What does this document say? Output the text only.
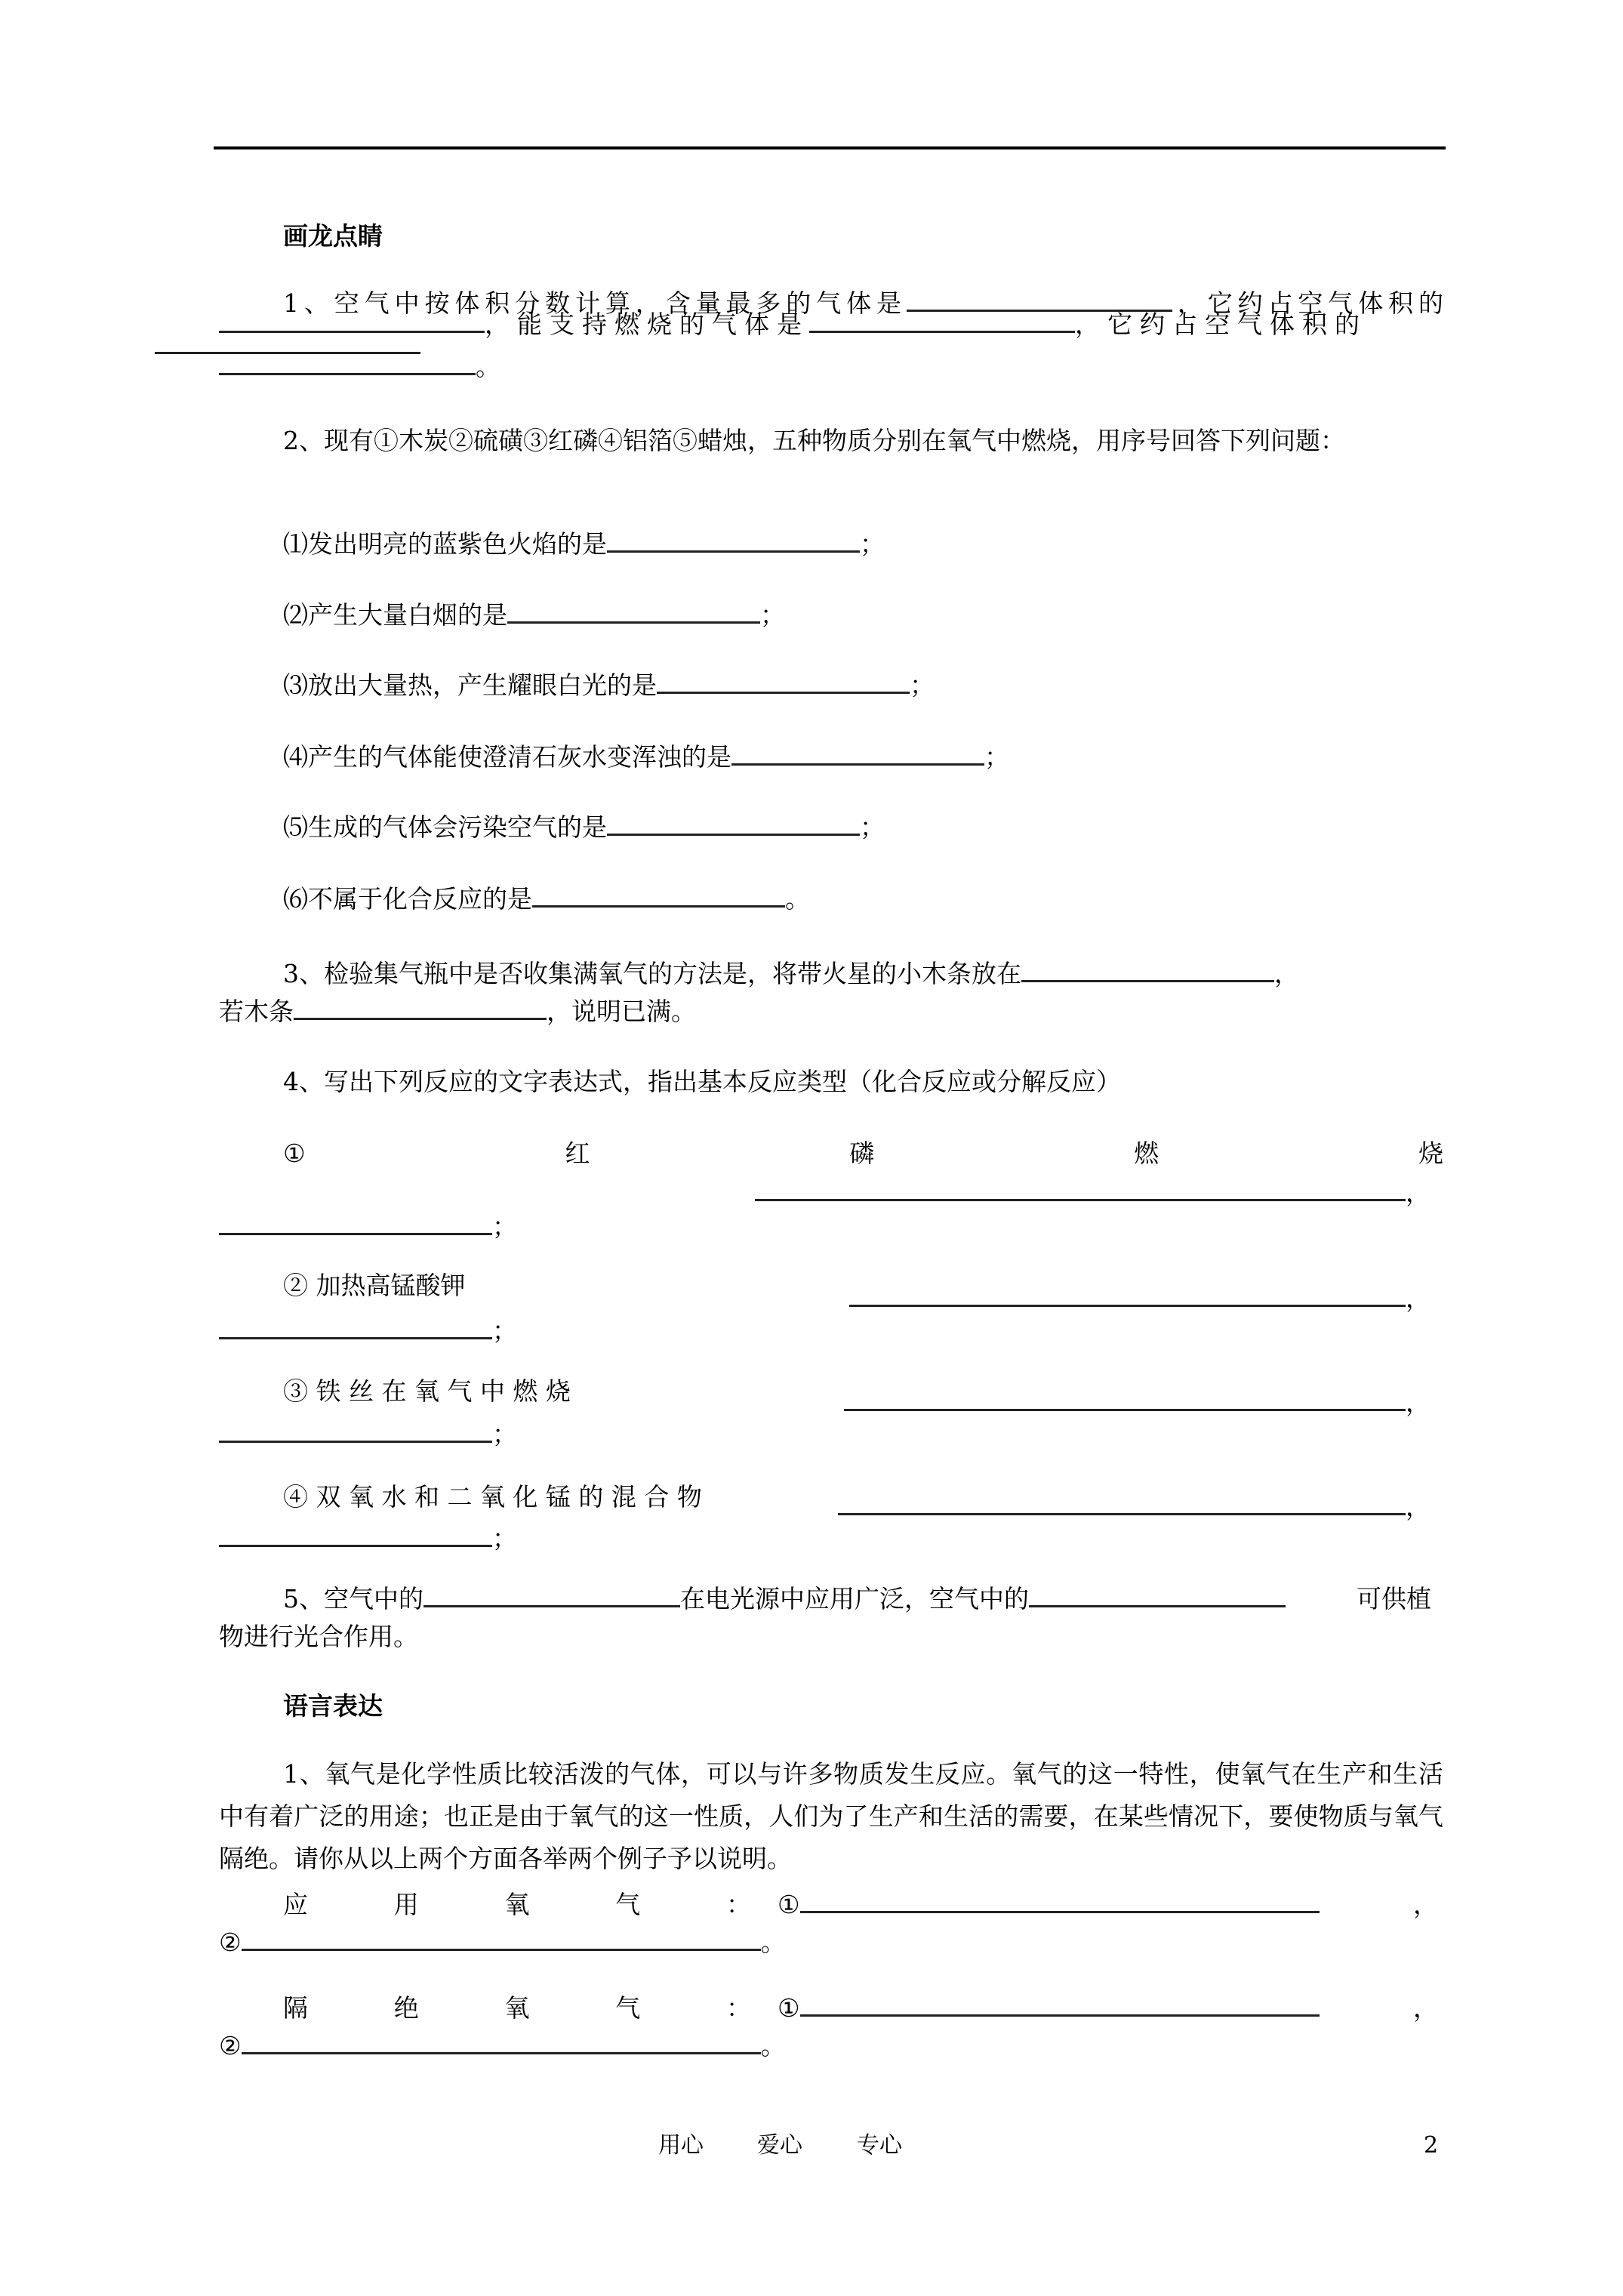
画龙点睛
1、空气中按体积分数计算，含量最多的气体是	，它约占空气体积的
，能支持燃烧的气体是	，它约占空气体积的
。
2、现有①木炭②硫磺③红磷④铝箔⑤蜡烛，五种物质分别在氧气中燃烧，用序号回答下列问题：
⑴发出明亮的蓝紫色火焰的是	；
⑵产生大量白烟的是	；
⑶放出大量热，产生耀眼白光的是	；
⑷产生的气体能使澄清石灰水变浑浊的是	；
⑸生成的气体会污染空气的是	；
⑹不属于化合反应的是	。
3、检验集气瓶中是否收集满氧气的方法是，将带火星的小木条放在	，
若木条	，说明已满。
4、写出下列反应的文字表达式，指出基本反应类型（化合反应或分解反应）
①	红	磷	燃	烧
，
；
② 加热高锰酸钾	，
；
③ 铁 丝 在 氧 气 中 燃 烧	，
；
④ 双 氧 水 和 二 氧 化 锰 的 混 合 物	，
；
5、空气中的	在电光源中应用广泛，空气中的	可供植
物进行光合作用。
语言表达
1、氧气是化学性质比较活泼的气体，可以与许多物质发生反应。氧气的这一特性，使氧气在生产和生活中有着广泛的用途；也正是由于氧气的这一性质，人们为了生产和生活的需要，在某些情况下，要使物质与氧气隔绝。请你从以上两个方面各举两个例子予以说明。
应	用	氧	气	： ①	，
②	。
隔	绝	氧	气	： ①	，
②	。
用心 爱心 专心	2
